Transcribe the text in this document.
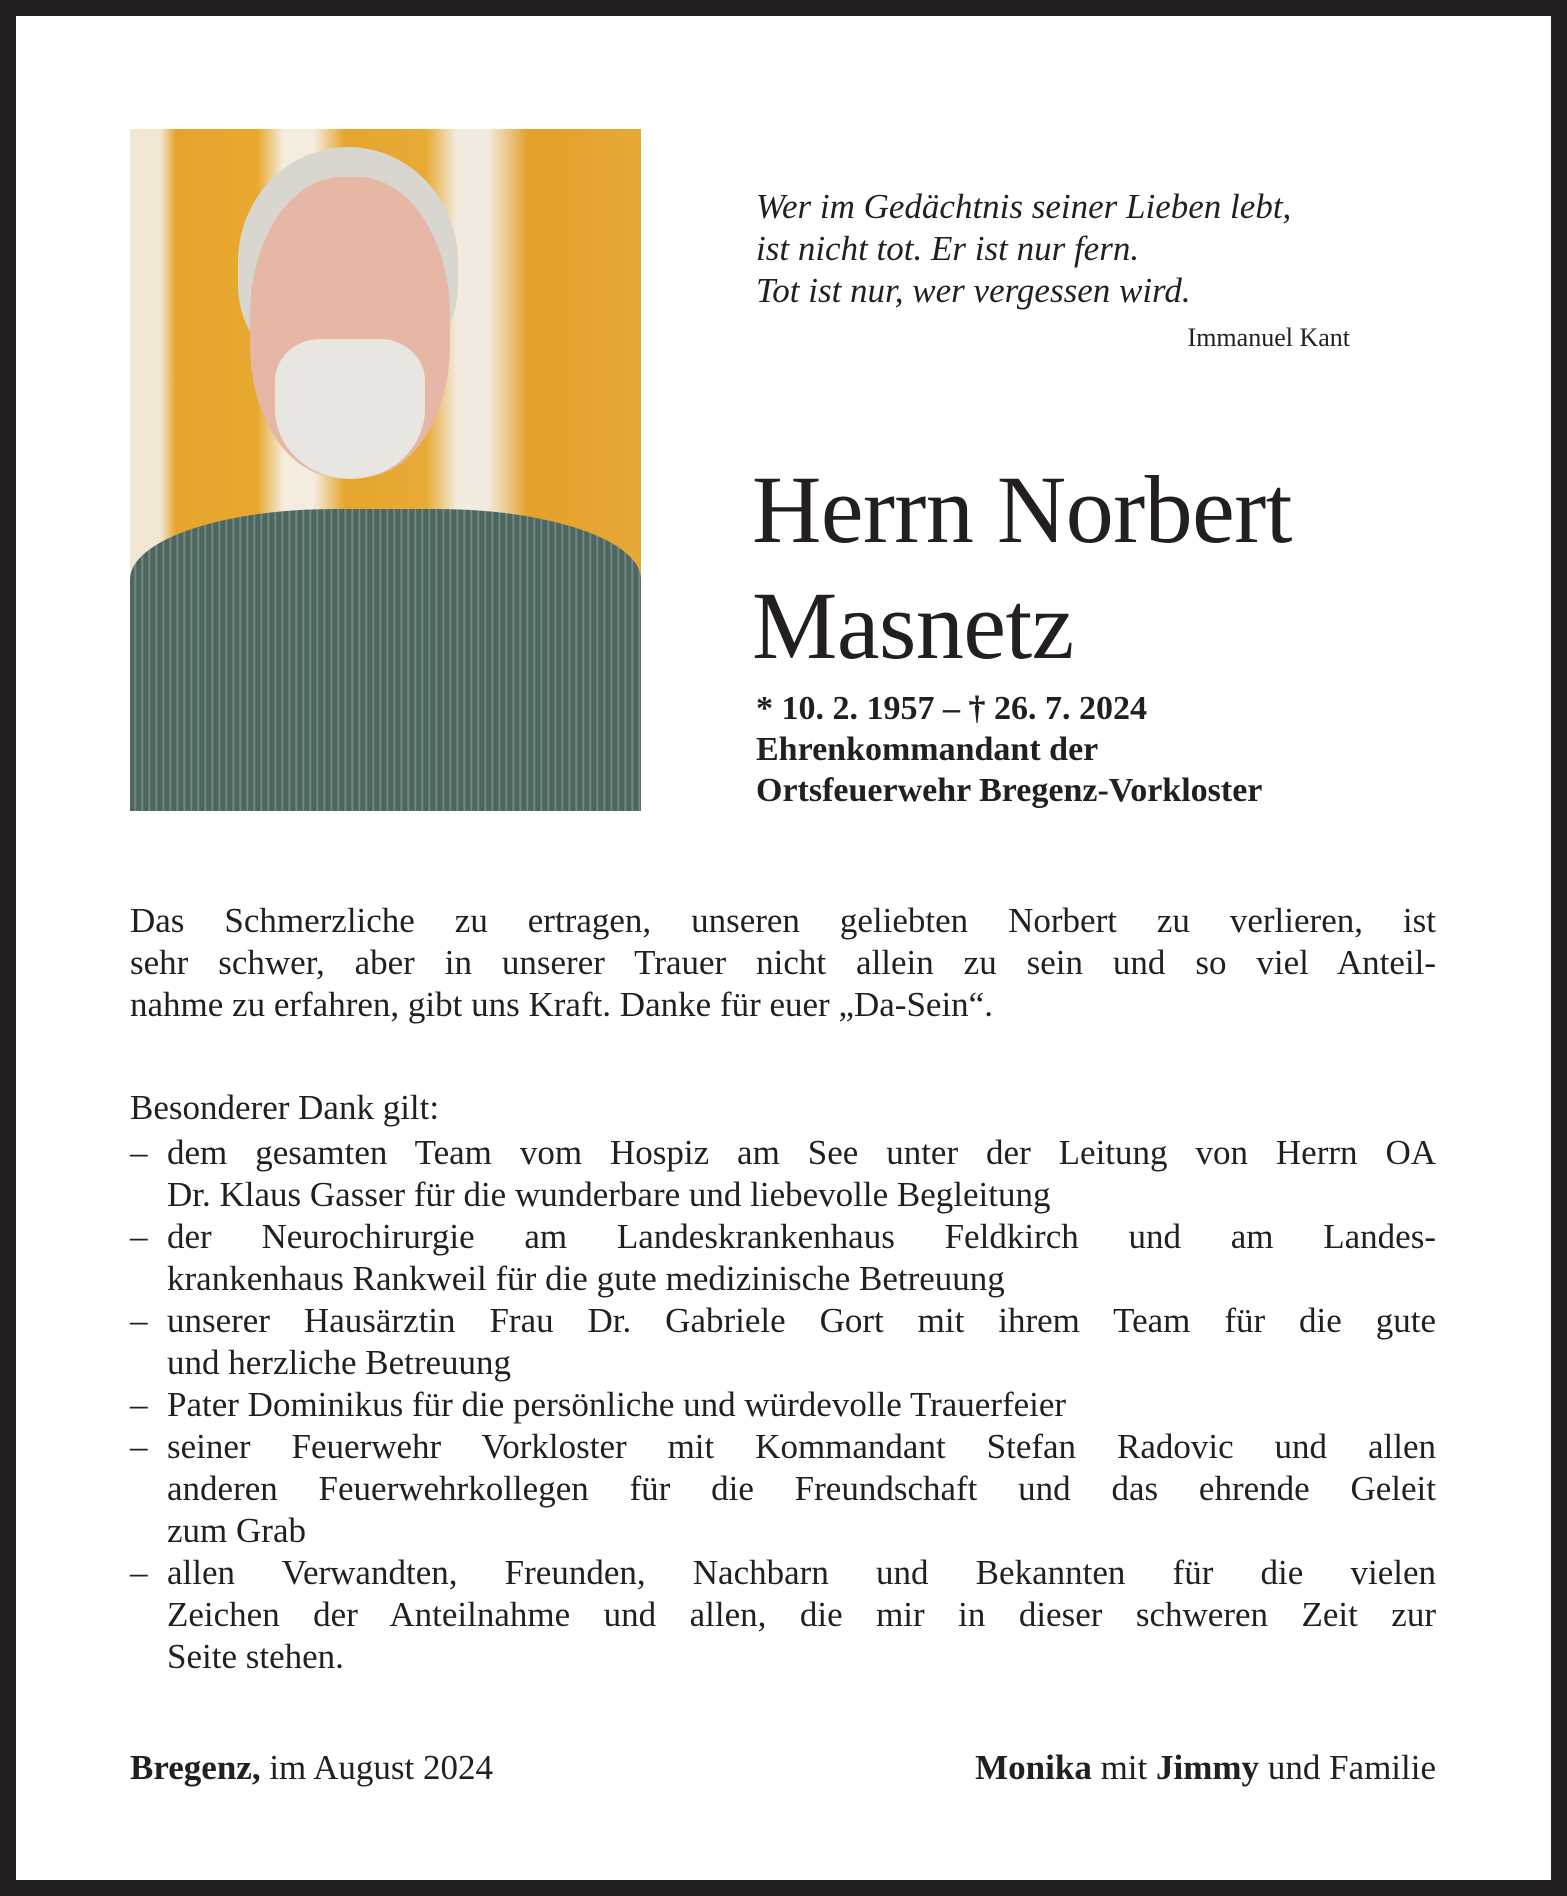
Wer im Gedächtnis seiner Lieben lebt,
ist nicht tot. Er ist nur fern.
Tot ist nur, wer vergessen wird.
Immanuel Kant
Herrn Norbert
Masnetz
* 10. 2. 1957 – † 26. 7. 2024
Ehrenkommandant der
Ortsfeuerwehr Bregenz-Vorkloster
Das Schmerzliche zu ertragen, unseren geliebten Norbert zu verlieren, ist
sehr schwer, aber in unserer Trauer nicht allein zu sein und so viel Anteil-
nahme zu erfahren, gibt uns Kraft. Danke für euer „Da-Sein“.
Besonderer Dank gilt:
– dem gesamten Team vom Hospiz am See unter der Leitung von Herrn OA
Dr. Klaus Gasser für die wunderbare und liebevolle Begleitung
– der Neurochirurgie am Landeskrankenhaus Feldkirch und am Landes-
krankenhaus Rankweil für die gute medizinische Betreuung
– unserer Hausärztin Frau Dr. Gabriele Gort mit ihrem Team für die gute
und herzliche Betreuung
– Pater Dominikus für die persönliche und würdevolle Trauerfeier
– seiner Feuerwehr Vorkloster mit Kommandant Stefan Radovic und allen
anderen Feuerwehrkollegen für die Freundschaft und das ehrende Geleit
zum Grab
– allen Verwandten, Freunden, Nachbarn und Bekannten für die vielen
Zeichen der Anteilnahme und allen, die mir in dieser schweren Zeit zur
Seite stehen.
Bregenz, im August 2024	Monika mit Jimmy und Familie
